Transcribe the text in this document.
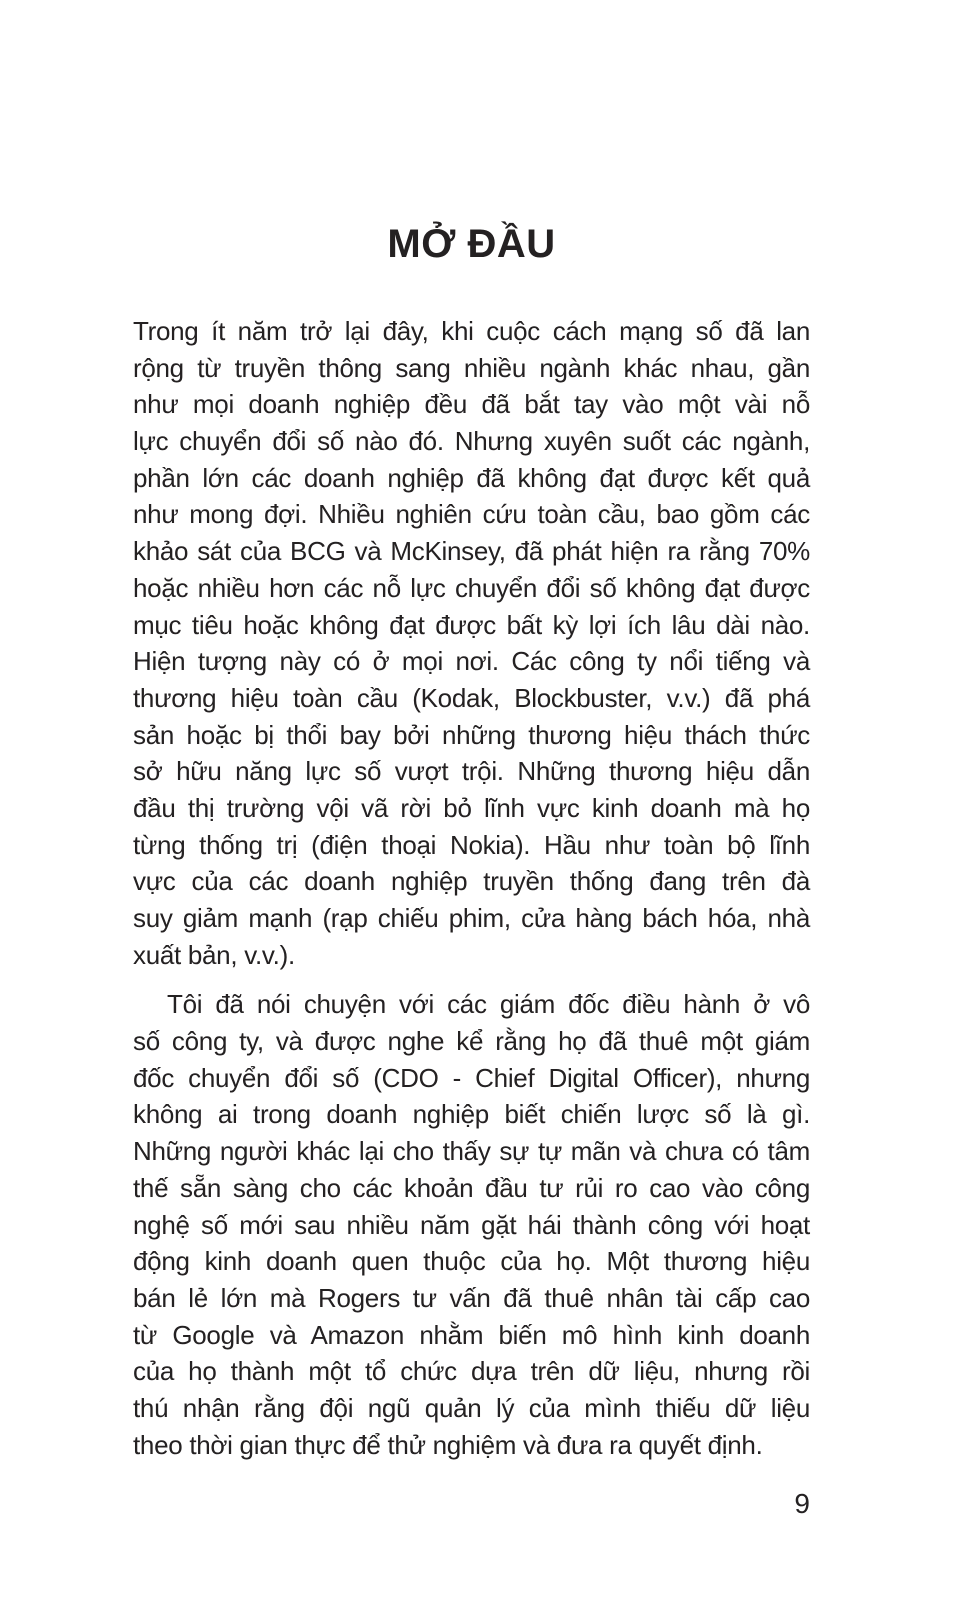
MỞ ĐẦU
Trong ít năm trở lại đây, khi cuộc cách mạng số đã lan
rộng từ truyền thông sang nhiều ngành khác nhau, gần
như mọi doanh nghiệp đều đã bắt tay vào một vài nỗ
lực chuyển đổi số nào đó. Nhưng xuyên suốt các ngành,
phần lớn các doanh nghiệp đã không đạt được kết quả
như mong đợi. Nhiều nghiên cứu toàn cầu, bao gồm các
khảo sát của BCG và McKinsey, đã phát hiện ra rằng 70%
hoặc nhiều hơn các nỗ lực chuyển đổi số không đạt được
mục tiêu hoặc không đạt được bất kỳ lợi ích lâu dài nào.
Hiện tượng này có ở mọi nơi. Các công ty nổi tiếng và
thương hiệu toàn cầu (Kodak, Blockbuster, v.v.) đã phá
sản hoặc bị thổi bay bởi những thương hiệu thách thức
sở hữu năng lực số vượt trội. Những thương hiệu dẫn
đầu thị trường vội vã rời bỏ lĩnh vực kinh doanh mà họ
từng thống trị (điện thoại Nokia). Hầu như toàn bộ lĩnh
vực của các doanh nghiệp truyền thống đang trên đà
suy giảm mạnh (rạp chiếu phim, cửa hàng bách hóa, nhà
xuất bản, v.v.).
Tôi đã nói chuyện với các giám đốc điều hành ở vô
số công ty, và được nghe kể rằng họ đã thuê một giám
đốc chuyển đổi số (CDO - Chief Digital Officer), nhưng
không ai trong doanh nghiệp biết chiến lược số là gì.
Những người khác lại cho thấy sự tự mãn và chưa có tâm
thế sẵn sàng cho các khoản đầu tư rủi ro cao vào công
nghệ số mới sau nhiều năm gặt hái thành công với hoạt
động kinh doanh quen thuộc của họ. Một thương hiệu
bán lẻ lớn mà Rogers tư vấn đã thuê nhân tài cấp cao
từ Google và Amazon nhằm biến mô hình kinh doanh
của họ thành một tổ chức dựa trên dữ liệu, nhưng rồi
thú nhận rằng đội ngũ quản lý của mình thiếu dữ liệu
theo thời gian thực để thử nghiệm và đưa ra quyết định.
9
